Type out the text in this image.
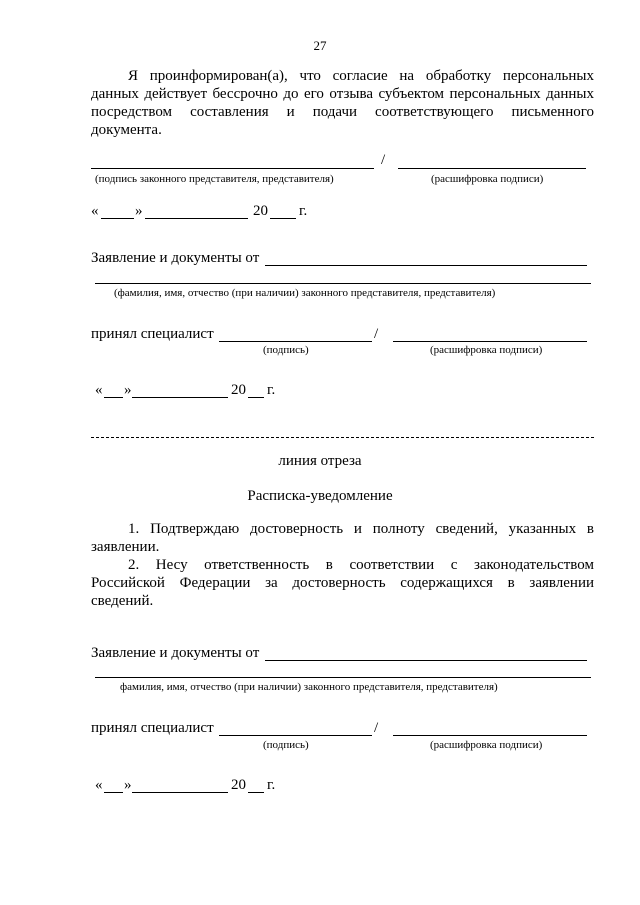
27
Я проинформирован(а), что согласие на обработку персональных
данных действует бессрочно до его отзыва субъектом персональных данных
посредством составления и подачи соответствующего письменного
документа.
/
(подпись законного представителя, представителя)	(расшифровка подписи)
« »	20 г.
Заявление и документы от
(фамилия, имя, отчество (при наличии) законного представителя, представителя)
принял специалист	/
(подпись)	(расшифровка подписи)
« »	20 г.
линия отреза
Расписка-уведомление
1. Подтверждаю достоверность и полноту сведений, указанных в
заявлении.
2. Несу ответственность в соответствии с законодательством
Российской Федерации за достоверность содержащихся в заявлении
сведений.
Заявление и документы от
фамилия, имя, отчество (при наличии) законного представителя, представителя)
принял специалист	/
(подпись)	(расшифровка подписи)
« »	20 г.
